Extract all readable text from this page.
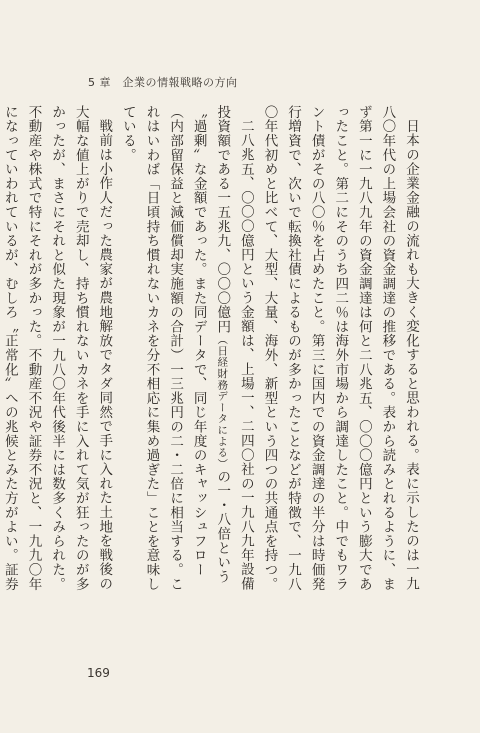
5 章　企業の情報戦略の方向

日本の企業金融の流れも大きく変化すると思われる。表に示したのは一九八〇年代の上場会社の資金調達の推移である。表から読みとれるように、まず第一に一九八九年の資金調達は何と二八兆五、〇〇〇億円という膨大であったこと。第二にそのうち四二％は海外市場から調達したこと。中でもワラント債がその八〇％を占めたこと。第三に国内での資金調達の半分は時価発行増資で、次いで転換社債によるものが多かったことなどが特徴で、一九八〇年代初めと比べて、大型、大量、海外、新型という四つの共通点を持つ。

二八兆五、〇〇〇億円という金額は、上場一、二四〇社の一九八九年設備投資額である一五兆九、〇〇〇億円（日経財務データによる）の一・八倍という〝過剰〟な金額であった。また同データで、同じ年度のキャッシュフロー（内部留保益と減価償却実施額の合計）一三兆円の二・二倍に相当する。これはいわば「日頃持ち慣れないカネを分不相応に集め過ぎた」ことを意味している。

戦前は小作人だった農家が農地解放でタダ同然で手に入れた土地を戦後の大幅な値上がりで売却し、持ち慣れないカネを手に入れて気が狂ったのが多かったが、まさにそれと似た現象が一九八〇年代後半には数多くみられた。不動産や株式で特にそれが多かった。不動産不況や証券不況と、一九九〇年になっていわれているが、むしろ〝正常化〟への兆候とみた方がよい。証券

169
